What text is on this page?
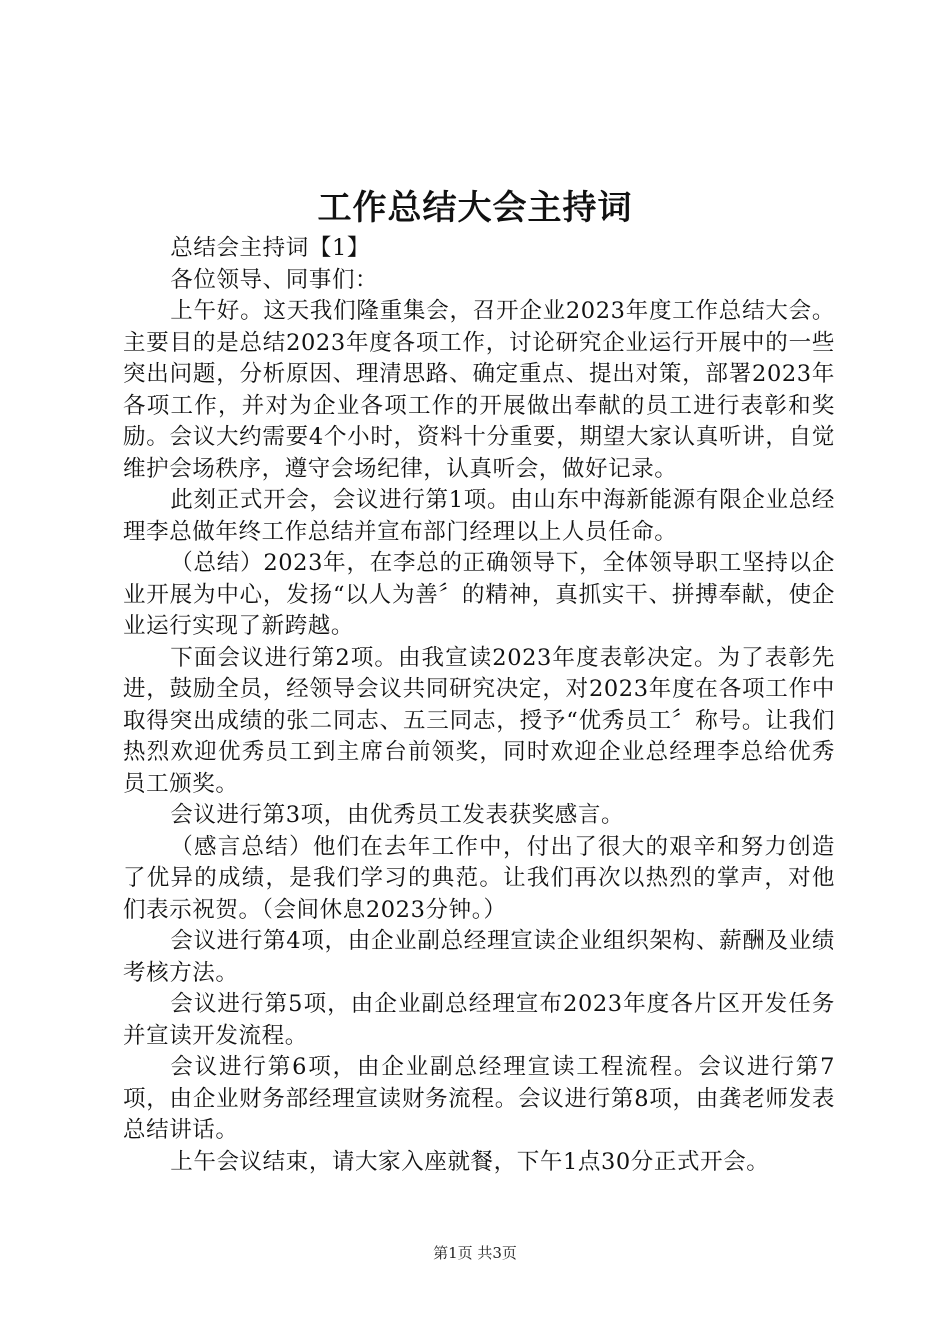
工作总结大会主持词

总结会主持词【1】

各位领导、同事们：

上午好。这天我们隆重集会，召开企业2023年度工作总结大会。主要目的是总结2023年度各项工作，讨论研究企业运行开展中的一些突出问题，分析原因、理清思路、确定重点、提出对策，部署2023年各项工作，并对为企业各项工作的开展做出奉献的员工进行表彰和奖励。会议大约需要4个小时，资料十分重要，期望大家认真听讲，自觉维护会场秩序，遵守会场纪律，认真听会，做好记录。

此刻正式开会，会议进行第1项。由山东中海新能源有限企业总经理李总做年终工作总结并宣布部门经理以上人员任命。

（总结）2023年，在李总的正确领导下，全体领导职工坚持以企业开展为中心，发扬“以人为善〞的精神，真抓实干、拼搏奉献，使企业运行实现了新跨越。

下面会议进行第2项。由我宣读2023年度表彰决定。为了表彰先进，鼓励全员，经领导会议共同研究决定，对2023年度在各项工作中取得突出成绩的张二同志、五三同志，授予“优秀员工〞称号。让我们热烈欢迎优秀员工到主席台前领奖，同时欢迎企业总经理李总给优秀员工颁奖。

会议进行第3项，由优秀员工发表获奖感言。

（感言总结）他们在去年工作中，付出了很大的艰辛和努力创造了优异的成绩，是我们学习的典范。让我们再次以热烈的掌声，对他们表示祝贺。（会间休息2023分钟。）

会议进行第4项，由企业副总经理宣读企业组织架构、薪酬及业绩考核方法。

会议进行第5项，由企业副总经理宣布2023年度各片区开发任务并宣读开发流程。

会议进行第6项，由企业副总经理宣读工程流程。会议进行第7项，由企业财务部经理宣读财务流程。会议进行第8项，由龚老师发表总结讲话。

上午会议结束，请大家入座就餐，下午1点30分正式开会。

第1页 共3页
